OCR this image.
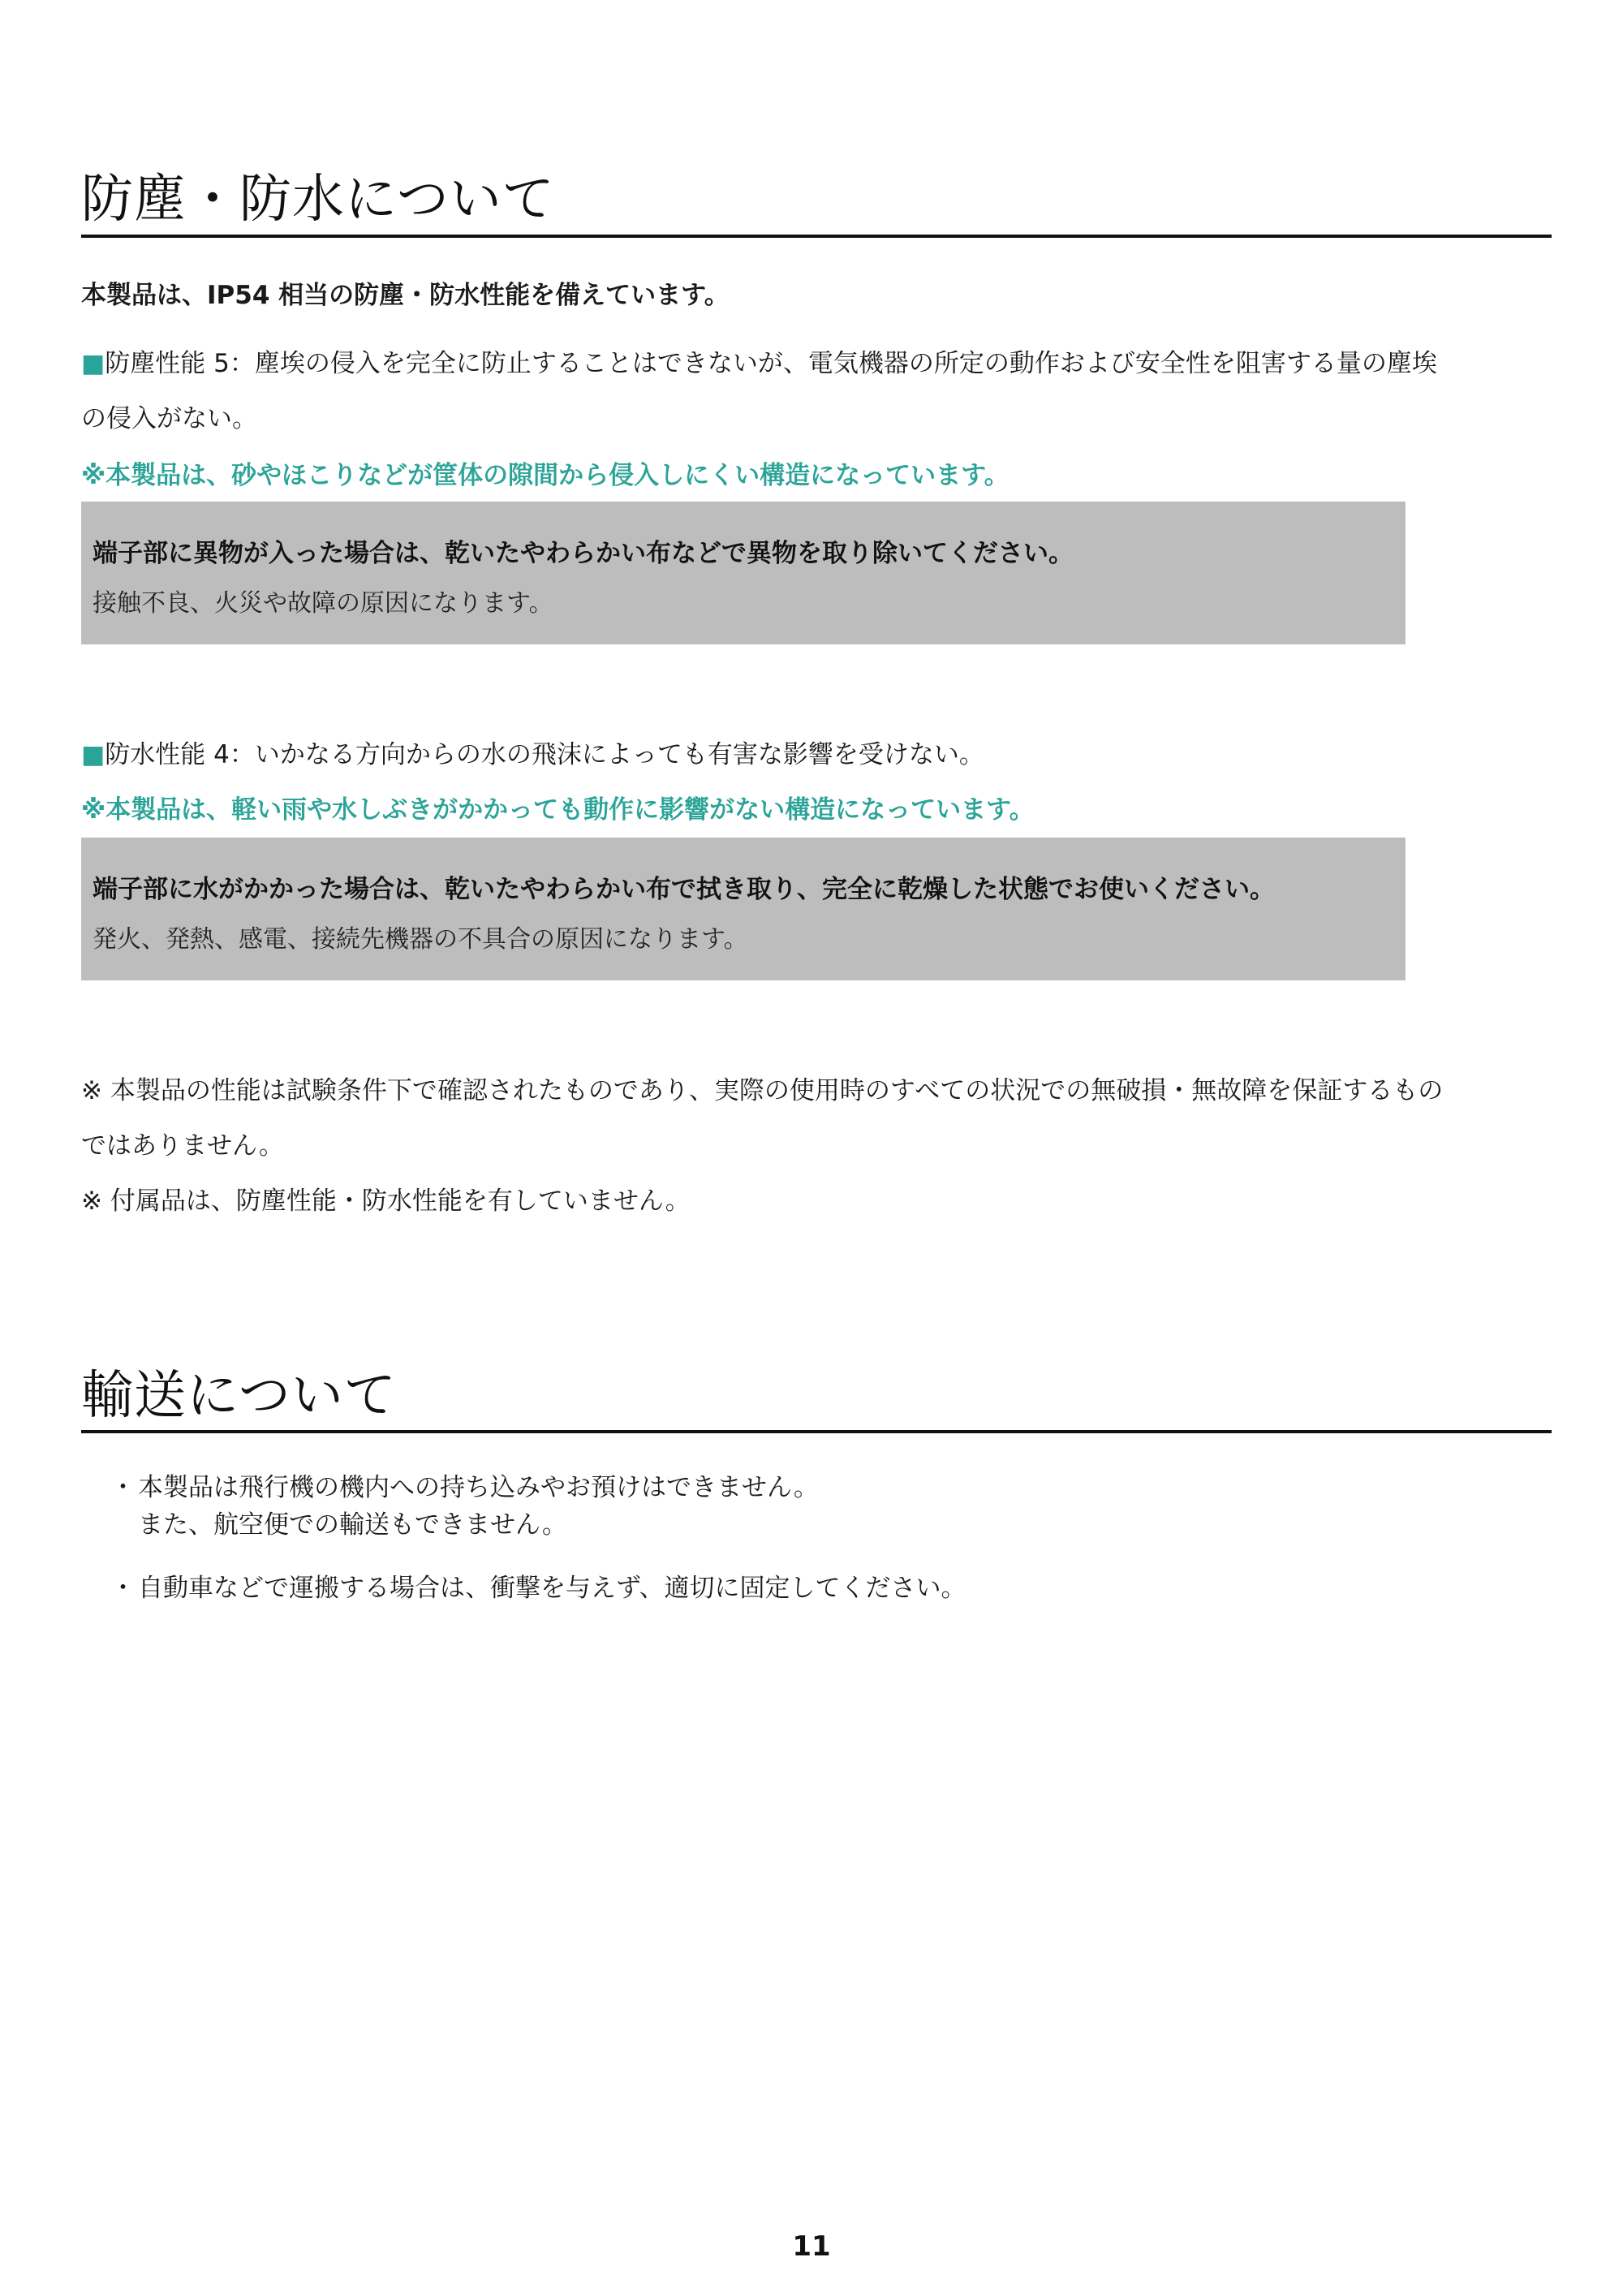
防塵・防水について

本製品は、IP54 相当の防塵・防水性能を備えています。

■防塵性能 5：塵埃の侵入を完全に防止することはできないが、電気機器の所定の動作および安全性を阻害する量の塵埃
の侵入がない。

※本製品は、砂やほこりなどが筐体の隙間から侵入しにくい構造になっています。

端子部に異物が入った場合は、乾いたやわらかい布などで異物を取り除いてください。
接触不良、火災や故障の原因になります。

■防水性能 4：いかなる方向からの水の飛沫によっても有害な影響を受けない。

※本製品は、軽い雨や水しぶきがかかっても動作に影響がない構造になっています。

端子部に水がかかった場合は、乾いたやわらかい布で拭き取り、完全に乾燥した状態でお使いください。
発火、発熱、感電、接続先機器の不具合の原因になります。

※ 本製品の性能は試験条件下で確認されたものであり、実際の使用時のすべての状況での無破損・無故障を保証するもの
ではありません。

※ 付属品は、防塵性能・防水性能を有していません。

輸送について
・ 本製品は飛行機の機内への持ち込みやお預けはできません。
また、航空便での輸送もできません。
・ 自動車などで運搬する場合は、衝撃を与えず、適切に固定してください。
11
